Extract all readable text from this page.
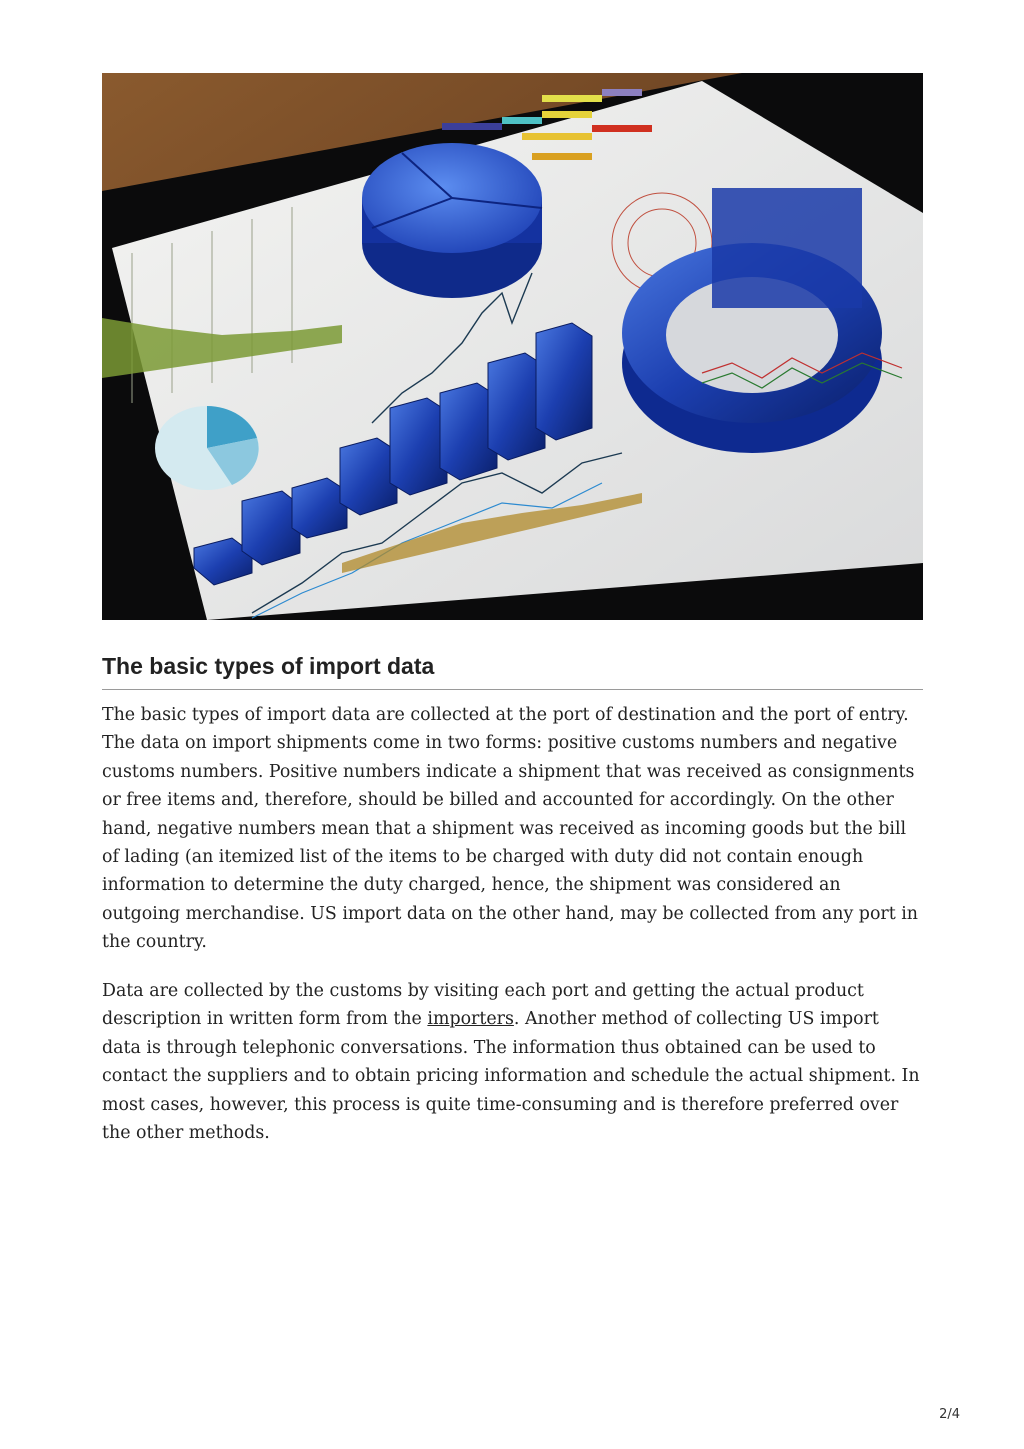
The basic types of import data

The basic types of import data are collected at the port of destination and the port of entry. The data on import shipments come in two forms: positive customs numbers and negative customs numbers. Positive numbers indicate a shipment that was received as consignments or free items and, therefore, should be billed and accounted for accordingly. On the other hand, negative numbers mean that a shipment was received as incoming goods but the bill of lading (an itemized list of the items to be charged with duty did not contain enough information to determine the duty charged, hence, the shipment was considered an outgoing merchandise. US import data on the other hand, may be collected from any port in the country.

Data are collected by the customs by visiting each port and getting the actual product description in written form from the importers. Another method of collecting US import data is through telephonic conversations. The information thus obtained can be used to contact the suppliers and to obtain pricing information and schedule the actual shipment. In most cases, however, this process is quite time-consuming and is therefore preferred over the other methods.

2/4
